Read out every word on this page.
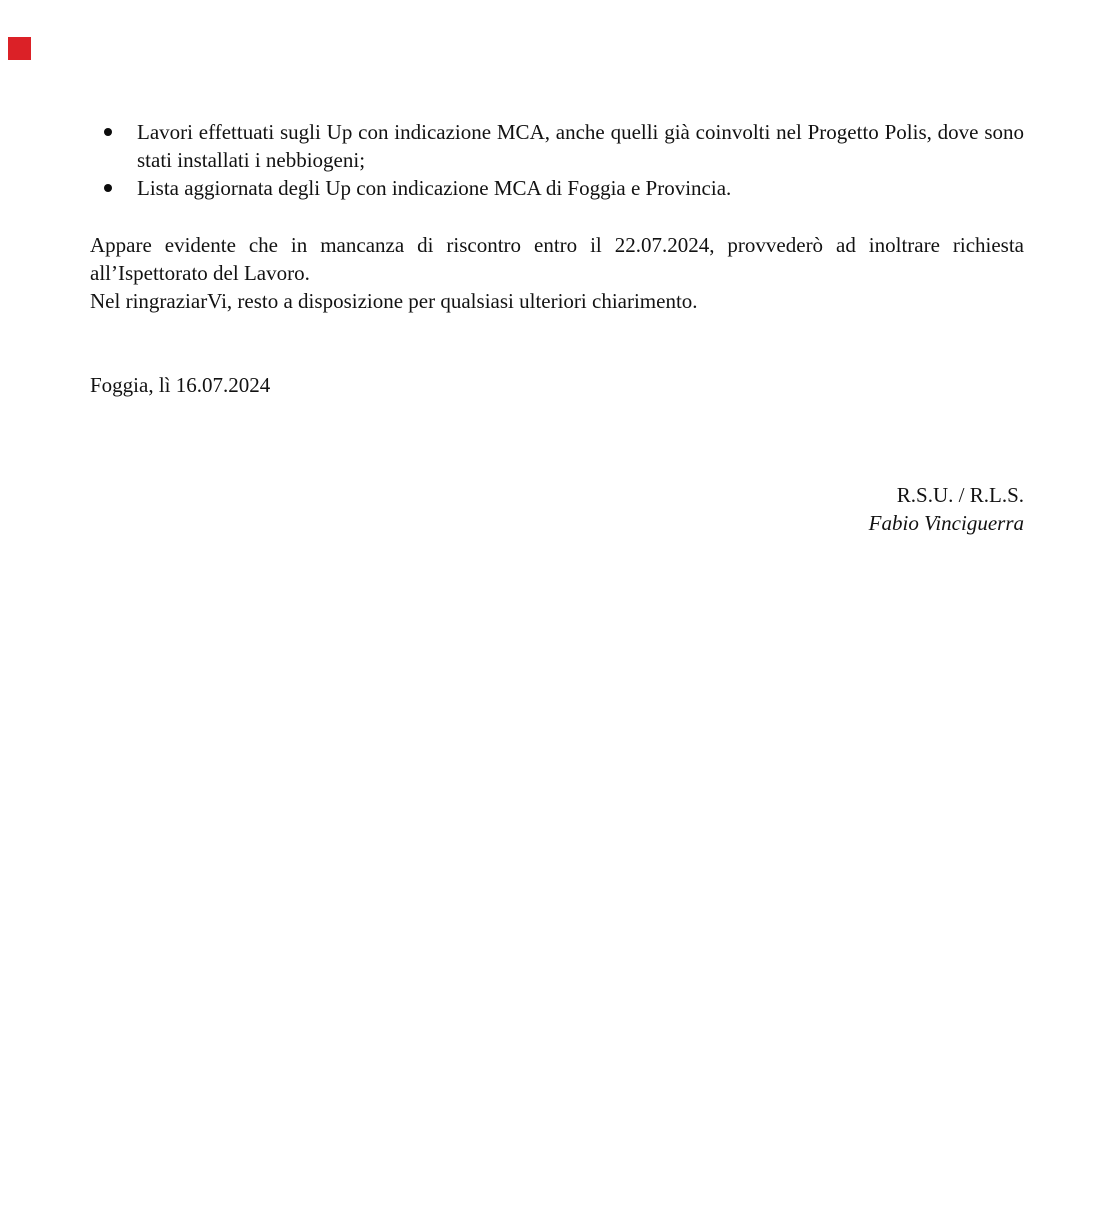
Lavori effettuati sugli Up con indicazione MCA, anche quelli già coinvolti nel Progetto Polis, dove sono
stati installati i nebbiogeni;
Lista aggiornata degli Up con indicazione MCA di Foggia e Provincia.
Appare evidente che in mancanza di riscontro entro il 22.07.2024, provvederò ad inoltrare richiesta
all’Ispettorato del Lavoro.
Nel ringraziarVi, resto a disposizione per qualsiasi ulteriori chiarimento.
Foggia, lì 16.07.2024
R.S.U. / R.L.S.
Fabio Vinciguerra
